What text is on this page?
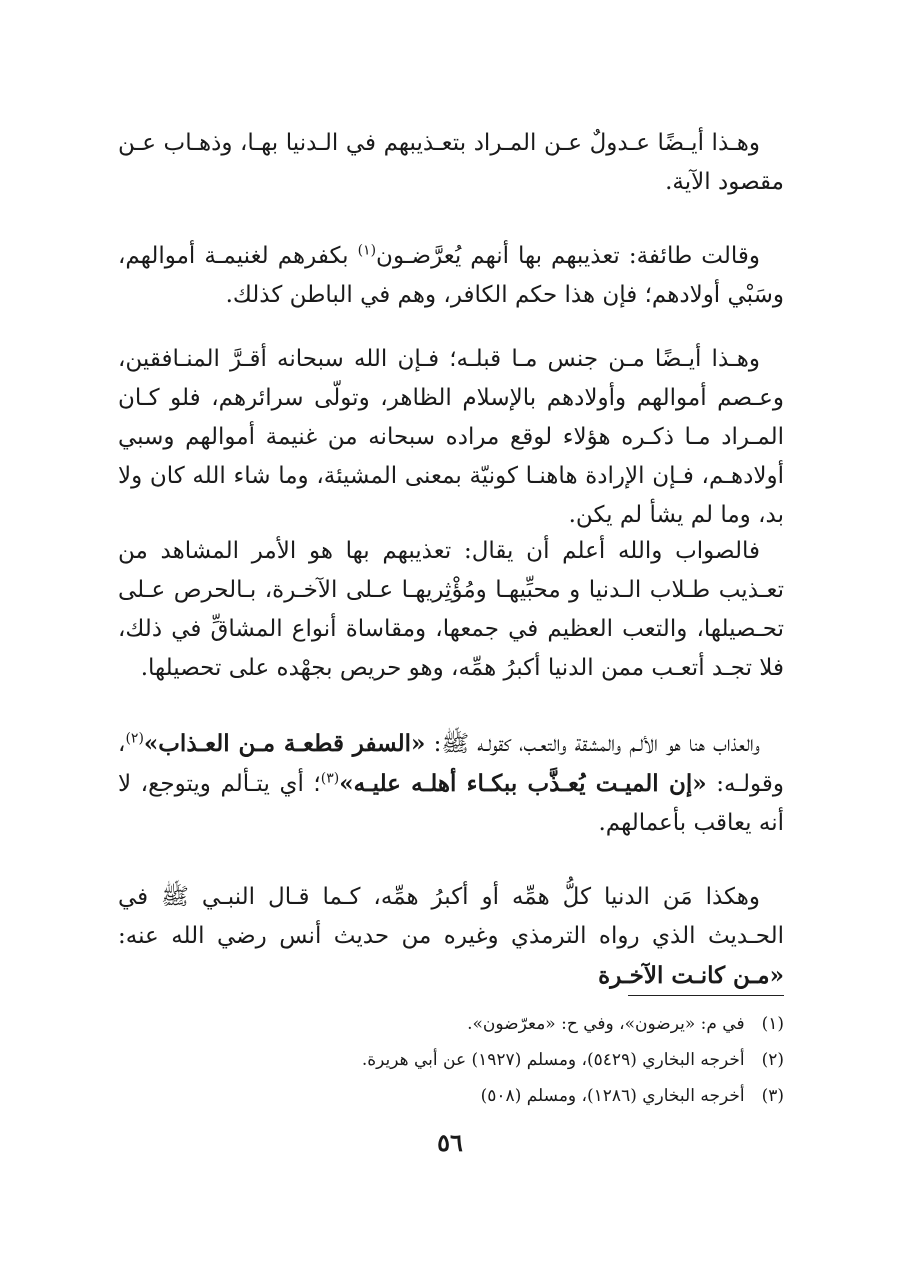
وهـذا أيـضًا عـدولٌ عـن المـراد بتعـذيبهم في الـدنيا بهـا، وذهـاب عـن مقصود الآية.

وقالت طائفة: تعذيبهم بها أنهم يُعرَّضـون$^{(١)}$ بكفرهم لغنيمـة أموالهم، وسَبْي أولادهم؛ فإن هذا حكم الكافر، وهم في الباطن كذلك.

وهـذا أيـضًا مـن جنس مـا قبلـه؛ فـإن الله سبحانه أقـرَّ المنـافقين، وعـصم أموالهم وأولادهم بالإسلام الظاهر، وتولّى سرائرهم، فلو كـان المـراد مـا ذكـره هؤلاء لوقع مراده سبحانه من غنيمة أموالهم وسبي أولادهـم، فـإن الإرادة هاهنـا كونيّة بمعنى المشيئة، وما شاء الله كان ولا بد، وما لم يشأ لم يكن.

فالصواب والله أعلم أن يقال: تعذيبهم بها هو الأمر المشاهد من تعـذيب طـلاب الـدنيا و محبِّيهـا ومُؤْثِريهـا عـلى الآخـرة، بـالحرص عـلى تحـصيلها، والتعب العظيم في جمعها، ومقاساة أنواع المشاقِّ في ذلك، فلا تجـد أتعـب ممن الدنيا أكبرُ همِّه، وهو حريص بجهْده على تحصيلها.

والعذاب هنا هو الألـم والمشقة والتعـب، كقولـه ﷺ: «السفر قطعـة مـن العـذاب»$^{(٢)}$، وقولـه: «إن الميـت يُعـذَّب ببكـاء أهلـه عليـه»$^{(٣)}$؛ أي يتـألم ويتوجع، لا أنه يعاقب بأعمالهم.

وهكذا مَن الدنيا كلُّ همِّه أو أكبرُ همِّه، كـما قـال النبـي ﷺ في الحـديث الذي رواه الترمذي وغيره من حديث أنس رضي الله عنه: «مـن كانـت الآخـرة

(١) في م: «يرضون»، وفي ح: «معرّضون».
(٢) أخرجه البخاري (٥٤٢٩)، ومسلم (١٩٢٧) عن أبي هريرة.
(٣) أخرجه البخاري (١٢٨٦)، ومسلم (٥٠٨)
٥٦
